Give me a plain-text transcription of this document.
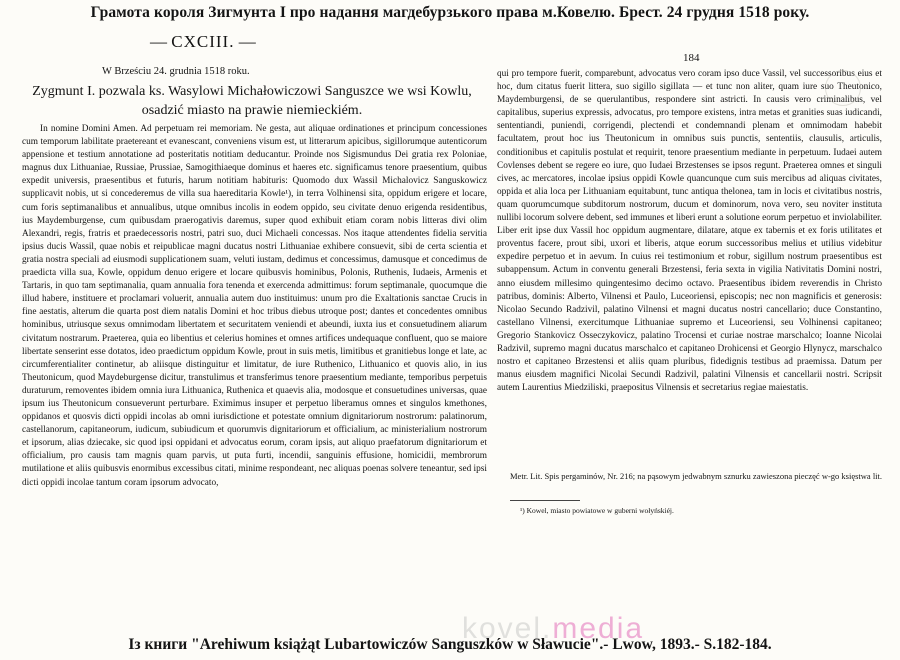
Грамота короля Зигмунта I про надання магдебурзького права м.Ковелю. Брест. 24 грудня 1518 року.
— CXCIII. —
184
W Brześciu 24. grudnia 1518 roku.
Zygmunt I. pozwala ks. Wasylowi Michałowiczowi Sanguszce we wsi Kowlu, osadzić miasto na prawie niemieckiém.

In nomine Domini Amen. Ad perpetuam rei memoriam. Ne gesta, aut aliquae ordinationes et principum concessiones cum temporum labilitate praetereant et evanescant, conveniens visum est, ut litterarum apicibus, sigillorumque autenticorum appensione et testium annotatione ad posteritatis notitiam deducantur. Proinde nos Sigismundus Dei gratia rex Poloniae, magnus dux Lithuaniae, Russiae, Prussiae, Samogithiaeque dominus et haeres etc. significamus tenore praesentium, quibus expedit universis, praesentibus et futuris, harum notitiam habituris: Quomodo dux Wassil Michalovicz Sanguskowicz supplicavit nobis, ut si concederemus de villa sua haereditaria Kowle¹), in terra Volhinensi sita, oppidum erigere et locare, cum foris septimanalibus et annualibus, utque omnibus incolis in eodem oppido, seu civitate denuo erigenda residentibus, ius Maydemburgense, cum quibusdam praerogativis daremus, super quod exhibuit etiam coram nobis litteras divi olim Alexandri, regis, fratris et praedecessoris nostri, patri suo, duci Michaeli concessas. Nos itaque attendentes fidelia servitia ipsius ducis Wassil, quae nobis et reipublicae magni ducatus nostri Lithuaniae exhibere consuevit, sibi de certa scientia et gratia nostra speciali ad eiusmodi supplicationem suam, veluti iustam, dedimus et concessimus, damusque et concedimus de praedicta villa sua, Kowle, oppidum denuo erigere et locare quibusvis hominibus, Polonis, Ruthenis, Iudaeis, Armenis et Tartaris, in quo tam septimanalia, quam annualia fora tenenda et exercenda admittimus: forum septimanale, quocumque die illud habere, instituere et proclamari voluerit, annualia autem duo instituimus: unum pro die Exaltationis sanctae Crucis in fine aestatis, alterum die quarta post diem natalis Domini et hoc tribus diebus utroque post; dantes et concedentes omnibus hominibus, utriusque sexus omnimodam libertatem et securitatem veniendi et abeundi, iuxta ius et consuetudinem aliarum civitatum nostrarum. Praeterea, quia eo libentius et celerius homines et omnes artifices undequaque confluent, quo se maiore libertate senserint esse dotatos, ideo praedictum oppidum Kowle, prout in suis metis, limitibus et granitiebus longe et late, ac circumferentialiter continetur, ab aliisque distinguitur et limitatur, de iure Ruthenico, Lithuanico et quovis alio, in ius Theutonicum, quod Maydeburgense dicitur, transtulimus et transferimus tenore praesentium mediante, temporibus perpetuis duraturum, removentes ibidem omnia iura Lithuanica, Ruthenica et quaevis alia, modosque et consuetudines universas, quae ipsum ius Theutonicum consueverunt perturbare. Eximimus insuper et perpetuo liberamus omnes et singulos kmethones, oppidanos et quosvis dicti oppidi incolas ab omni iurisdictione et potestate omnium dignitariorum nostrorum: palatinorum, castellanorum, capitaneorum, iudicum, subiudicum et quorumvis dignitariorum et officialium, ac ministerialium nostrorum et ipsorum, alias dziecake, sic quod ipsi oppidani et advocatus eorum, coram ipsis, aut aliquo praefatorum dignitariorum et officialium, pro causis tam magnis quam parvis, ut puta furti, incendii, sanguinis effusione, homicidii, membrorum mutilatione et aliis quibusvis enormibus excessibus citati, minime respondeant, nec aliquas poenas solvere teneantur, sed ipsi dicti oppidi incolae tantum coram ipsorum advocato,

qui pro tempore fuerit, comparebunt, advocatus vero coram ipso duce Vassil, vel successoribus eius et hoc, dum citatus fuerit littera, suo sigillo sigillata — et tunc non aliter, quam iure suo Theutonico, Maydemburgensi, de se querulantibus, respondere sint astricti. In causis vero criminalibus, vel capitalibus, superius expressis, advocatus, pro tempore existens, intra metas et granities suas iudicandi, sententiandi, puniendi, corrigendi, plectendi et condemnandi plenam et omnimodam habebit facultatem, prout hoc ius Theutonicum in omnibus suis punctis, sententiis, clausulis, articulis, conditionibus et capitulis postulat et requirit, tenore praesentium mediante in perpetuum. Iudaei autem Covlenses debent se regere eo iure, quo Iudaei Brzestenses se ipsos regunt. Praeterea omnes et singuli cives, ac mercatores, incolae ipsius oppidi Kowle quancunque cum suis mercibus ad aliquas civitates, oppida et alia loca per Lithuaniam equitabunt, tunc antiqua thelonea, tam in locis et civitatibus nostris, quam quorumcumque subditorum nostrorum, ducum et dominorum, nova vero, seu noviter instituta nullibi locorum solvere debent, sed immunes et liberi erunt a solutione eorum perpetuo et inviolabiliter. Liber erit ipse dux Vassil hoc oppidum augmentare, dilatare, atque ex tabernis et ex foris utilitates et proventus facere, prout sibi, uxori et liberis, atque eorum successoribus melius et utilius videbitur expedire perpetuo et in aevum. In cuius rei testimonium et robur, sigillum nostrum praesentibus est subappensum. Actum in conventu generali Brzestensi, feria sexta in vigilia Nativitatis Domini nostri, anno eiusdem millesimo quingentesimo decimo octavo. Praesentibus ibidem reverendis in Christo patribus, dominis: Alberto, Vilnensi et Paulo, Luceoriensi, episcopis; nec non magnificis et generosis: Nicolao Secundo Radzivil, palatino Vilnensi et magni ducatus nostri cancellario; duce Constantino, castellano Vilnensi, exercitumque Lithuaniae supremo et Luceoriensi, seu Volhinensi capitaneo; Gregorio Stankovicz Osseczykovicz, palatino Trocensi et curiae nostrae marschalco; Ioanne Nicolai Radzivil, supremo magni ducatus marschalco et capitaneo Drohicensi et Georgio Hlynycz, marschalco nostro et capitaneo Brzestensi et aliis quam pluribus, fidedignis testibus ad praemissa. Datum per manus eiusdem magnifici Nicolai Secundi Radzivil, palatini Vilnensis et cancellarii nostri. Scripsit autem Laurentius Miedziliski, praepositus Vilnensis et secretarius regiae maiestatis.

Metr. Lit. Spis pergaminów, Nr. 216; na pąsowym jedwabnym sznurku zawieszona pieczęć w-go księstwa lit.
¹) Kowel, miasto powiatowe w guberni wołyńskiéj.
kovel.media
Із книги "Arehiwum książąt Lubartowiczów Sanguszków w Sławucie".- Lwow, 1893.- S.182-184.
